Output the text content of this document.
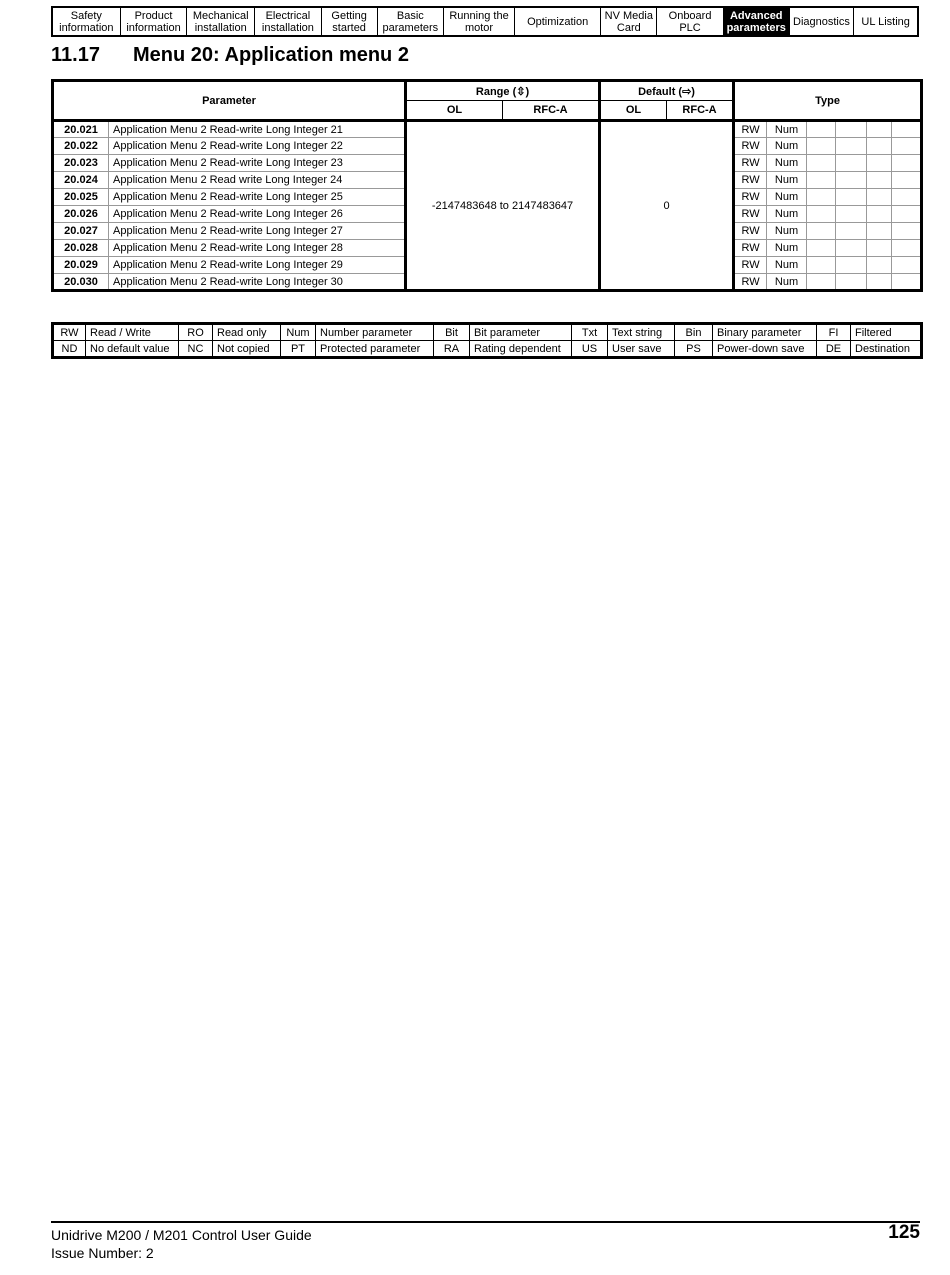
Safety
information
Product
information
Mechanical
installation
Electrical
installation
Getting
started
Basic
parameters
Running the
motor	Optimization	NV Media
Card
Onboard
PLC
Advanced
parameters Diagnostics	UL Listing
11.17	Menu 20: Application menu 2
Parameter		Range (⇳)		Default (⇨)		Type					
		OL	RFC-A	OL	RFC-A						
20.021	Application Menu 2 Read-write Long Integer 21	-2147483648 to 2147483647		0		RW	Num				
20.022	Application Menu 2 Read-write Long Integer 22					RW	Num				
20.023	Application Menu 2 Read-write Long Integer 23					RW	Num				
20.024	Application Menu 2 Read write Long Integer 24					RW	Num				
20.025	Application Menu 2 Read-write Long Integer 25					RW	Num				
20.026	Application Menu 2 Read-write Long Integer 26					RW	Num				
20.027	Application Menu 2 Read-write Long Integer 27					RW	Num				
20.028	Application Menu 2 Read-write Long Integer 28					RW	Num				
20.029	Application Menu 2 Read-write Long Integer 29					RW	Num				
20.030	Application Menu 2 Read-write Long Integer 30					RW	Num				
RW	Read / Write	RO	Read only	Num	Number parameter	Bit	Bit parameter	Txt	Text string	Bin	Binary parameter	FI	Filtered
ND	No default value	NC	Not copied	PT	Protected parameter	RA	Rating dependent	US	User save	PS	Power-down save	DE	Destination
Unidrive M200 / M201 Control User Guide
Issue Number: 2
125
